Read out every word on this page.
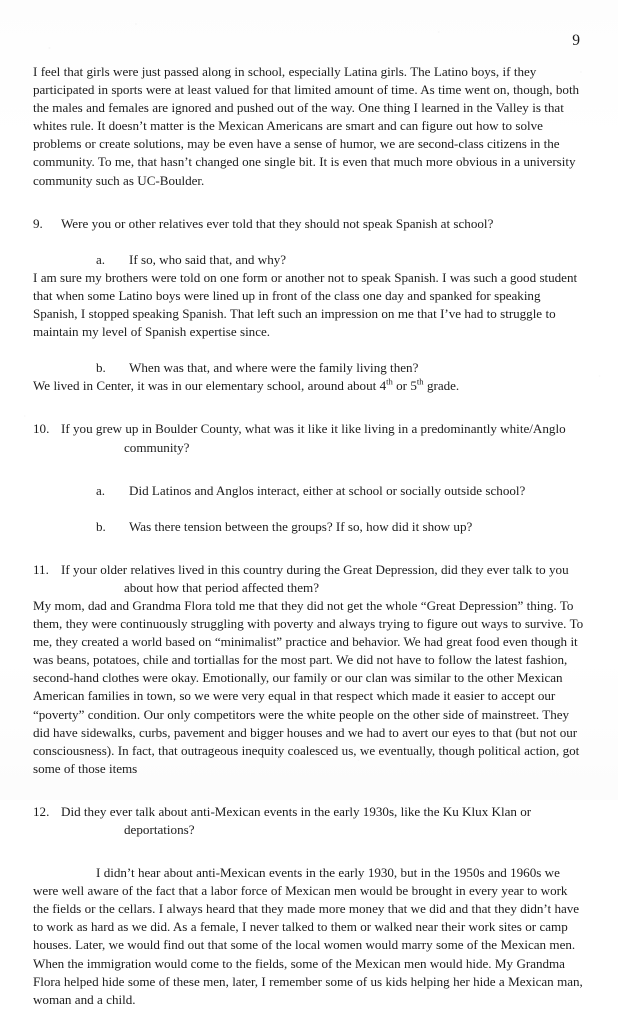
9

I feel that girls were just passed along in school, especially Latina girls. The Latino boys, if they participated in sports were at least valued for that limited amount of time. As time went on, though, both the males and females are ignored and pushed out of the way. One thing I learned in the Valley is that whites rule. It doesn’t matter is the Mexican Americans are smart and can figure out how to solve problems or create solutions, may be even have a sense of humor, we are second-class citizens in the community. To me, that hasn’t changed one single bit. It is even that much more obvious in a university community such as UC-Boulder.

9.	Were you or other relatives ever told that they should not speak Spanish at school?
a. If so, who said that, and why?

I am sure my brothers were told on one form or another not to speak Spanish. I was such a good student that when some Latino boys were lined up in front of the class one day and spanked for speaking Spanish, I stopped speaking Spanish. That left such an impression on me that I’ve had to struggle to maintain my level of Spanish expertise since.

b. When was that, and where were the family living then?

We lived in Center, it was in our elementary school, around about 4th or 5th grade.

10. If you grew up in Boulder County, what was it like it like living in a predominantly white/Anglo
community?
a. Did Latinos and Anglos interact, either at school or socially outside school?
b. Was there tension between the groups? If so, how did it show up?
11. If your older relatives lived in this country during the Great Depression, did they ever talk to you
about how that period affected them?

My mom, dad and Grandma Flora told me that they did not get the whole “Great Depression” thing. To them, they were continuously struggling with poverty and always trying to figure out ways to survive. To me, they created a world based on “minimalist” practice and behavior. We had great food even though it was beans, potatoes, chile and tortiallas for the most part. We did not have to follow the latest fashion, second-hand clothes were okay. Emotionally, our family or our clan was similar to the other Mexican American families in town, so we were very equal in that respect which made it easier to accept our “poverty” condition. Our only competitors were the white people on the other side of mainstreet. They did have sidewalks, curbs, pavement and bigger houses and we had to avert our eyes to that (but not our consciousness). In fact, that outrageous inequity coalesced us, we eventually, though political action, got some of those items

12. Did they ever talk about anti-Mexican events in the early 1930s, like the Ku Klux Klan or
deportations?

I didn’t hear about anti-Mexican events in the early 1930, but in the 1950s and 1960s we were well aware of the fact that a labor force of Mexican men would be brought in every year to work the fields or the cellars. I always heard that they made more money that we did and that they didn’t have to work as hard as we did. As a female, I never talked to them or walked near their work sites or camp houses. Later, we would find out that some of the local women would marry some of the Mexican men. When the immigration would come to the fields, some of the Mexican men would hide. My Grandma Flora helped hide some of these men, later, I remember some of us kids helping her hide a Mexican man, woman and a child.
